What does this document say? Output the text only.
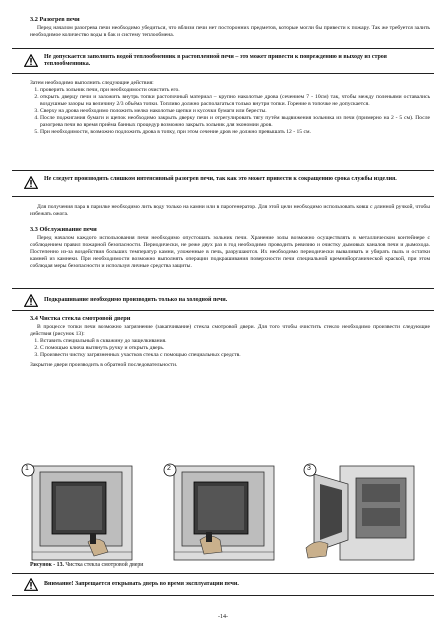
3.2 Разогрев печи
Перед началом разогрева печи необходимо убедиться, что вблизи печи нет посторонних предметов, которые могли бы привести к пожару. Так же требуется залить необходимое количество воды в бак и систему теплообмена.
Не допускается заполнять водой теплообменник в растопленной печи – это может привести к повреждению и выходу из строя теплообменника.
Затем необходимо выполнить следующие действия:
1. проверить зольник печи, при необходимости очистить его.
2. открыть дверцу печи и заложить внутрь топки растопочный материал – крупно наколотые дрова (сечением 7 - 10см) так, чтобы между поленьями оставались воздушные зазоры на величину 2/3 объёма топки. Топливо должно располагаться только внутри топки. Горение в топочке не допускается.
3. Сверху на дрова необходимо положить мелко наколотые щепки и кусочки бумаги или бересты.
4. После поджигания бумаги и щепок необходимо закрыть дверку печи и отрегулировать тягу путём выдвижения зольника из печи (примерно на 2 - 5 см). После разогрева печи во время приёма банных процедур возможно закрыть зольник для экономии дров.
5. При необходимости, возможно подложить дрова в топку, при этом сечение дров не должно превышать 12 - 15 см.
Не следует производить слишком интенсивный разогрев печи, так как это может привести к сокращению срока службы изделия.
Для получения пара в парилке необходимо лить воду только на камни или в парогенератор. Для этой цели необходимо использовать ковш с длинной ручкой, чтобы избежать ожога.
3.3 Обслуживание печи
Перед началом каждого использования печи необходимо опустошать зольник печи. Хранение золы возможно осуществлять в металлическом контейнере с соблюдением правил пожарной безопасности. Периодически, не реже двух раз в год необходимо проводить ревизию и очистку дымовых каналов печи и дымохода. Постепенно из-за воздействия больших температур камни, уложенные в печь, разрушаются. Их необходимо периодически вываливать и убирать пыль и остатки камней из камнеки. При необходимости возможно выполнять операции подкрашивания поверхности печи специальной кремнийорганической краской, при этом соблюдая меры безопасности и используя личные средства защиты.
Подкрашивание необходимо производить только на холодной печи.
3.4 Чистка стекла смотровой двери
В процессе топки печи возможно загрязнение (закапчивание) стекла смотровой двери. Для того чтобы очистить стекло необходимо произвести следующие действия (рисунок 13):
1. Вставить специальный в скважину до защелкивания.
2. С помощью ключа вытянуть ручку и открыть дверь.
3. Произвести чистку загрязненных участков стекла с помощью специальных средств.
Закрытие двери производить в обратной последовательности.
1	2	3
Рисунок - 13. Чистка стекла смотровой двери
Внимание! Запрещается открывать дверь во время эксплуатации печи.
-14-
